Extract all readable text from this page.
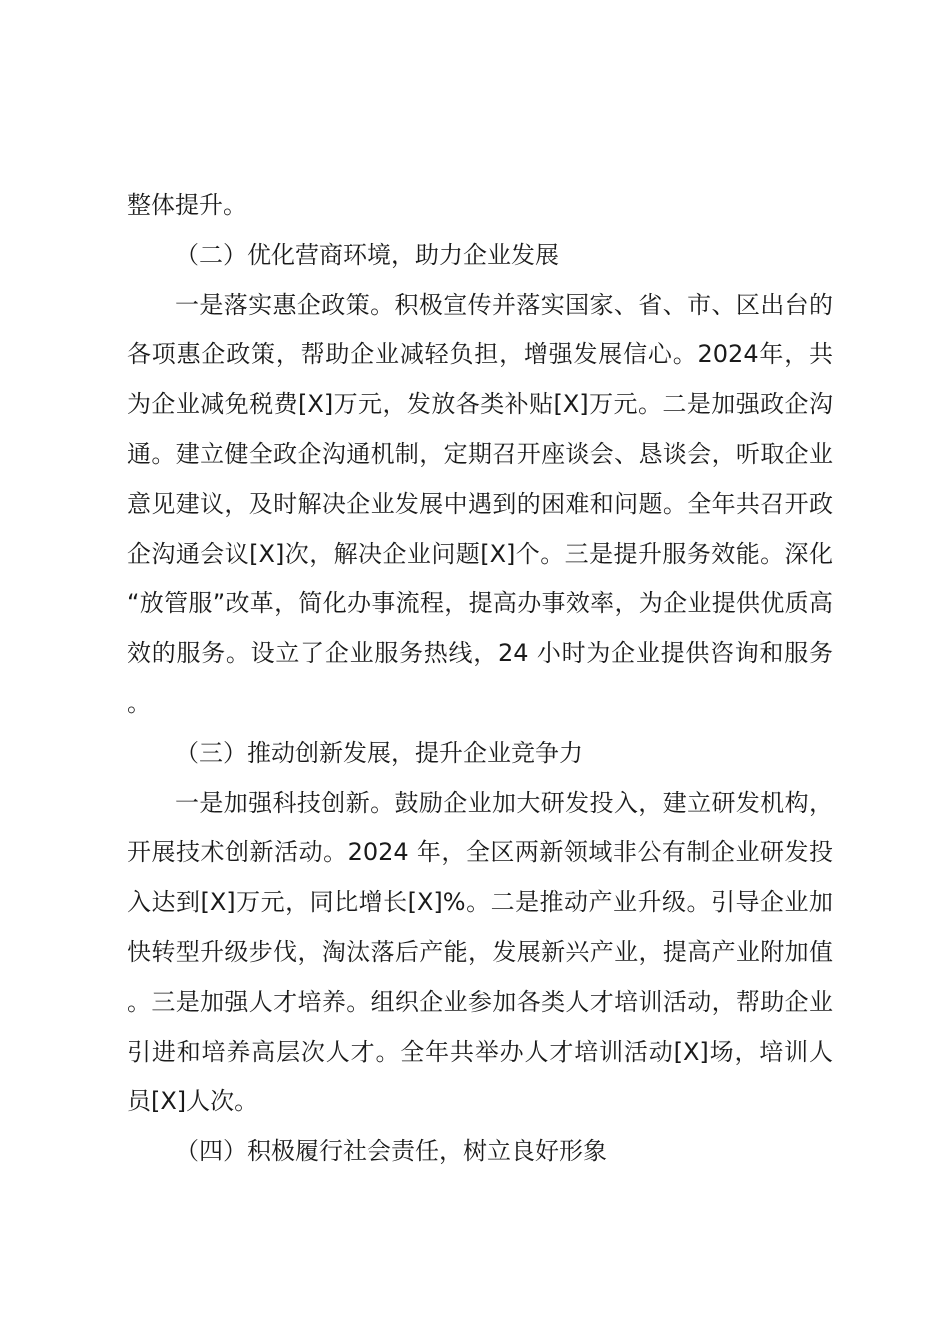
整体提升。

（二）优化营商环境，助力企业发展

一是落实惠企政策。积极宣传并落实国家、省、市、区出台的各项惠企政策，帮助企业减轻负担，增强发展信心。2024年，共为企业减免税费[X]万元，发放各类补贴[X]万元。二是加强政企沟通。建立健全政企沟通机制，定期召开座谈会、恳谈会，听取企业意见建议，及时解决企业发展中遇到的困难和问题。全年共召开政企沟通会议[X]次，解决企业问题[X]个。三是提升服务效能。深化“放管服”改革，简化办事流程，提高办事效率，为企业提供优质高效的服务。设立了企业服务热线，24 小时为企业提供咨询和服务。

（三）推动创新发展，提升企业竞争力

一是加强科技创新。鼓励企业加大研发投入，建立研发机构，开展技术创新活动。2024 年，全区两新领域非公有制企业研发投入达到[X]万元，同比增长[X]%。二是推动产业升级。引导企业加快转型升级步伐，淘汰落后产能，发展新兴产业，提高产业附加值。三是加强人才培养。组织企业参加各类人才培训活动，帮助企业引进和培养高层次人才。全年共举办人才培训活动[X]场，培训人员[X]人次。

（四）积极履行社会责任，树立良好形象
